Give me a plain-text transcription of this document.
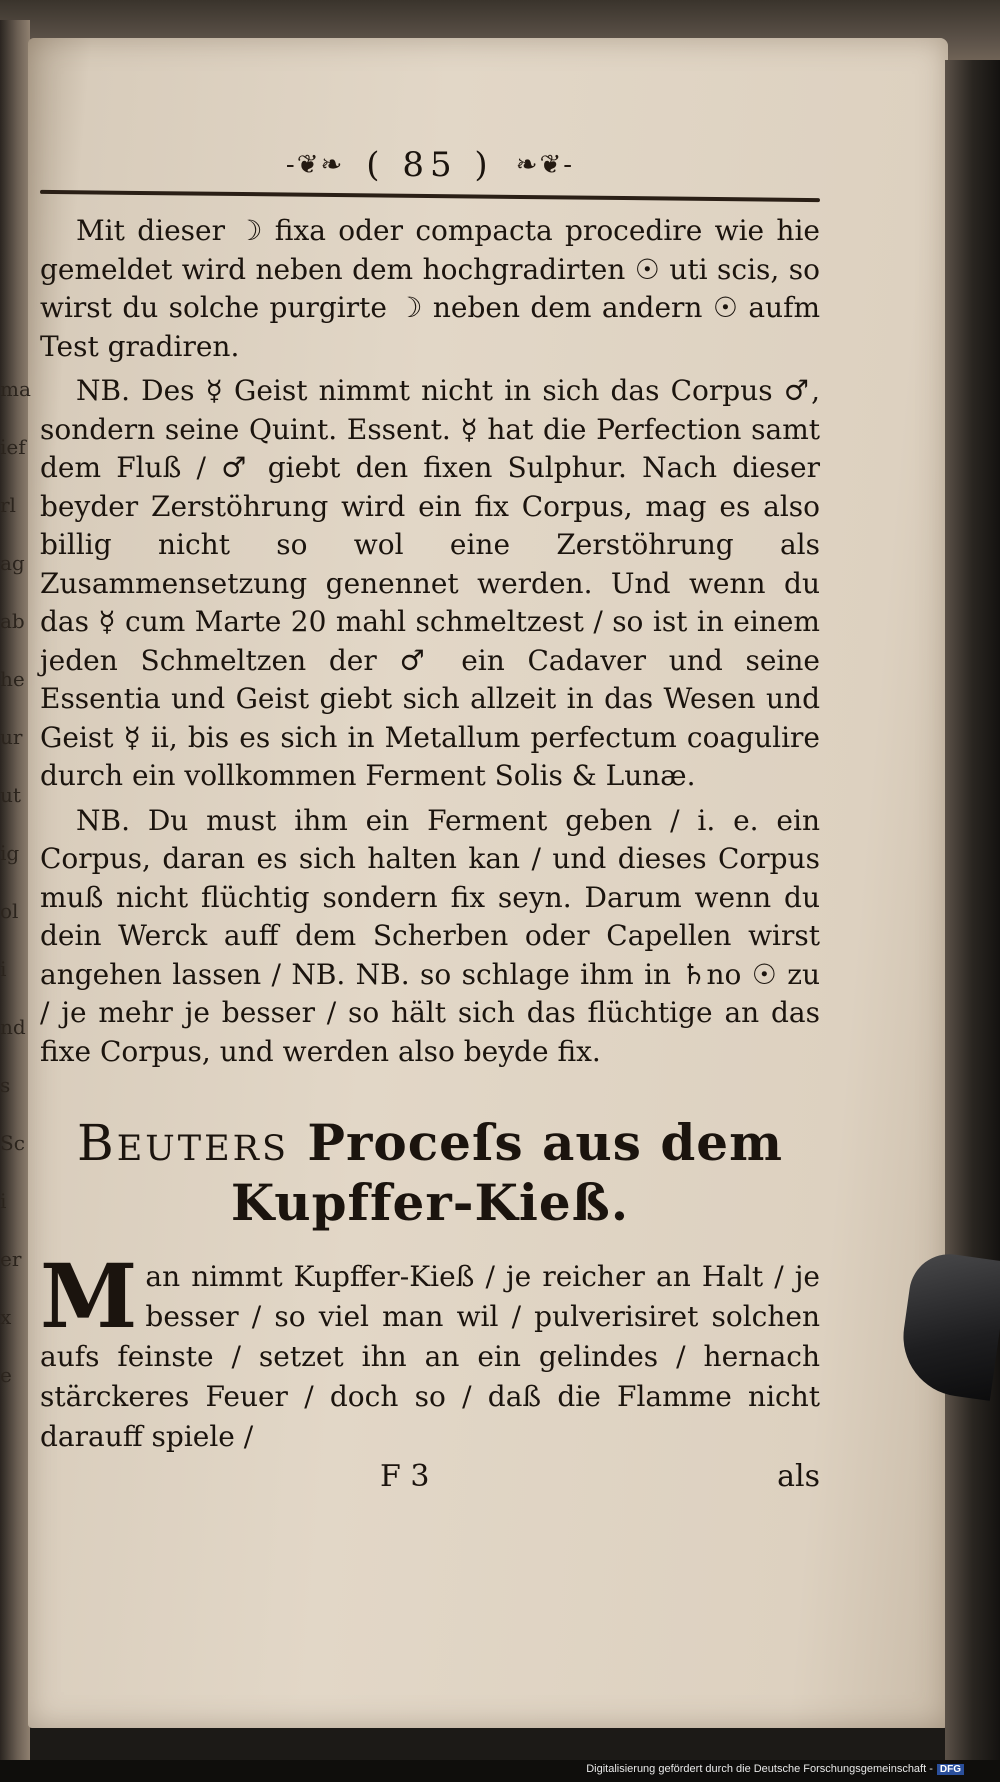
ma
ief
rl
ag
ab
he
ur
ut
ig
ol
i
nd
s
Sc
i
er
x
e
-❦❧ ( 85 ) ❧❦-

Mit dieser ☽ fixa oder compacta procedire wie hie gemeldet wird neben dem hochgradirten ☉ uti scis, so wirst du solche purgirte ☽ neben dem andern ☉ aufm Test gradiren.

NB. Des ☿ Geist nimmt nicht in sich das Corpus ♂, sondern seine Quint. Essent. ☿ hat die Perfection samt dem Fluß / ♂ giebt den fixen Sulphur. Nach dieser beyder Zerstöhrung wird ein fix Corpus, mag es also billig nicht so wol eine Zerstöhrung als Zusammensetzung genennet werden. Und wenn du das ☿ cum Marte 20 mahl schmeltzest / so ist in einem jeden Schmeltzen der ♂ ein Cadaver und seine Essentia und Geist giebt sich allzeit in das Wesen und Geist ☿ ii, bis es sich in Metallum perfectum coagulire durch ein vollkommen Ferment Solis & Lunæ.

NB. Du must ihm ein Ferment geben / i. e. ein Corpus, daran es sich halten kan / und dieses Corpus muß nicht flüchtig sondern fix seyn. Darum wenn du dein Werck auff dem Scherben oder Capellen wirst angehen lassen / NB. NB. so schlage ihm in ♄no ☉ zu / je mehr je besser / so hält sich das flüchtige an das fixe Corpus, und werden also beyde fix.

Beuters Proceſs aus dem Kupffer-Kieß.
M an nimmt Kupffer-Kieß / je reicher an Halt / je besser / so viel man wil / pulverisiret solchen aufs feinste / setzet ihn an ein gelindes / hernach stärckeres Feuer / doch so / daß die Flamme nicht darauff spiele /
F 3	als
Digitalisierung gefördert durch die Deutsche Forschungsgemeinschaft - DFG
